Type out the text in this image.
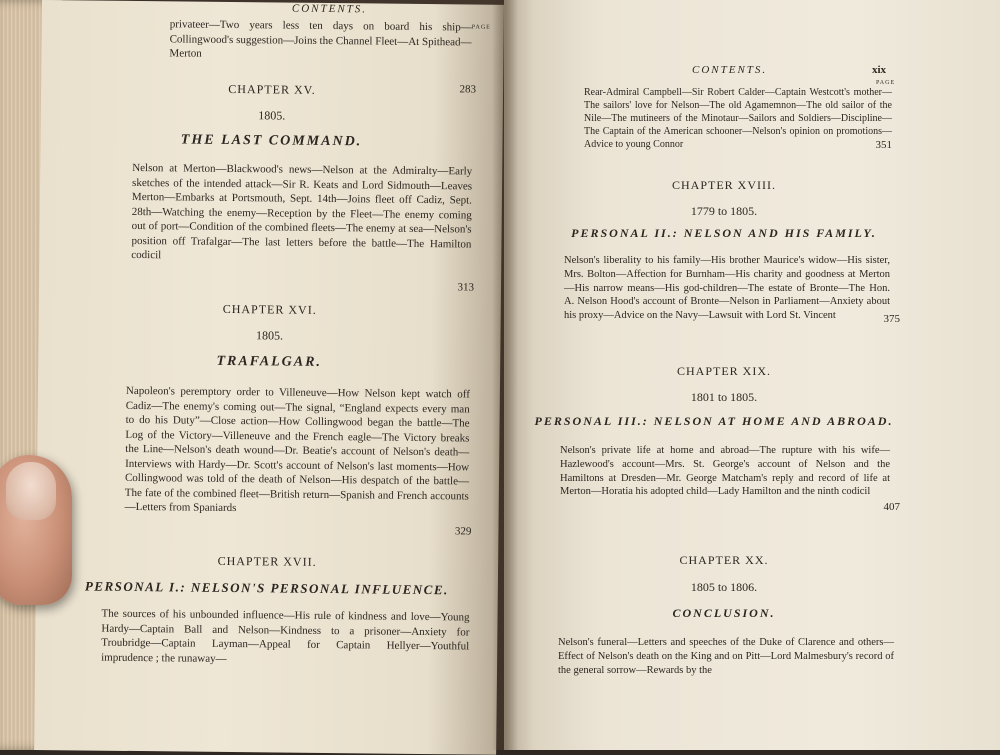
CONTENTS.

privateer—Two years less ten days on board his ship—Collingwood's suggestion—Joins the Channel Fleet—At Spithead—Merton

PAGE
283
CHAPTER XV.
1805.
THE LAST COMMAND.

Nelson at Merton—Blackwood's news—Nelson at the Admiralty—Early sketches of the intended attack—Sir R. Keats and Lord Sidmouth—Leaves Merton—Embarks at Portsmouth, Sept. 14th—Joins fleet off Cadiz, Sept. 28th—Watching the enemy—Reception by the Fleet—The enemy coming out of port—Condition of the combined fleets—The enemy at sea—Nelson's position off Trafalgar—The last letters before the battle—The Hamilton codicil

313
CHAPTER XVI.
1805.
TRAFALGAR.

Napoleon's peremptory order to Villeneuve—How Nelson kept watch off Cadiz—The enemy's coming out—The signal, “England expects every man to do his Duty”—Close action—How Collingwood began the battle—The Log of the Victory—Villeneuve and the French eagle—The Victory breaks the Line—Nelson's death wound—Dr. Beatie's account of Nelson's death—Interviews with Hardy—Dr. Scott's account of Nelson's last moments—How Collingwood was told of the death of Nelson—His despatch of the battle—The fate of the combined fleet—British return—Spanish and French accounts—Letters from Spaniards

329
CHAPTER XVII.
PERSONAL I.: NELSON'S PERSONAL INFLUENCE.

The sources of his unbounded influence—His rule of kindness and love—Young Hardy—Captain Ball and Nelson—Kindness to a prisoner—Anxiety for Troubridge—Captain Layman—Appeal for Captain Hellyer—Youthful imprudence ; the runaway—

CONTENTS.	xix
PAGE

Rear-Admiral Campbell—Sir Robert Calder—Captain Westcott's mother—The sailors' love for Nelson—The old Agamemnon—The old sailor of the Nile—The mutineers of the Minotaur—Sailors and Soldiers—Discipline—The Captain of the American schooner—Nelson's opinion on promotions—Advice to young Connor	351
CHAPTER XVIII.
1779 to 1805.
PERSONAL II.: NELSON AND HIS FAMILY.

Nelson's liberality to his family—His brother Maurice's widow—His sister, Mrs. Bolton—Affection for Burnham—His charity and goodness at Merton—His narrow means—His god-children—The estate of Bronte—The Hon. A. Nelson Hood's account of Bronte—Nelson in Parliament—Anxiety about his proxy—Advice on the Navy—Lawsuit with Lord St. Vincent	375
CHAPTER XIX.
1801 to 1805.
PERSONAL III.: NELSON AT HOME AND ABROAD.

Nelson's private life at home and abroad—The rupture with his wife—Hazlewood's account—Mrs. St. George's account of Nelson and the Hamiltons at Dresden—Mr. George Matcham's reply and record of life at Merton—Horatia his adopted child—Lady Hamilton and the ninth codicil

407
CHAPTER XX.
1805 to 1806.
CONCLUSION.

Nelson's funeral—Letters and speeches of the Duke of Clarence and others—Effect of Nelson's death on the King and on Pitt—Lord Malmesbury's record of the general sorrow—Rewards by the
